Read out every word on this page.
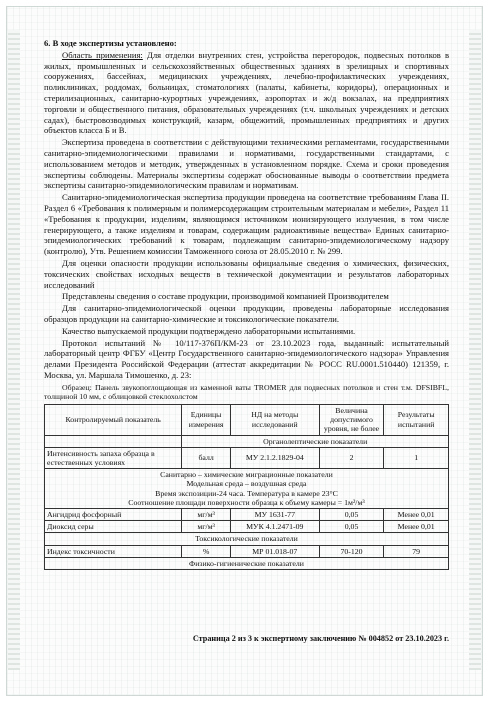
6. В ходе экспертизы установлено:

Область применения: Для отделки внутренних стен, устройства перегородок, подвесных потолков в жилых, промышленных и сельскохозяйственных общественных зданиях в зрелищных и спортивных сооружениях, бассейнах, медицинских учреждениях, лечебно-профилактических учреждениях, поликлиниках, роддомах, больницах, стоматологиях (палаты, кабинеты, коридоры), операционных и стерилизационных, санитарно-курортных учреждениях, аэропортах и ж/д вокзалах, на предприятиях торговли и общественного питания, образовательных учреждениях (т.ч. школьных учреждениях и детских садах), быстровозводимых конструкций, казарм, общежитий, промышленных предприятиях и других объектов класса Б и В.

Экспертиза проведена в соответствии с действующими техническими регламентами, государственными санитарно-эпидемиологическими правилами и нормативами, государственными стандартами, с использованием методов и методик, утвержденных в установленном порядке. Схема и сроки проведения экспертизы соблюдены. Материалы экспертизы содержат обоснованные выводы о соответствии предмета экспертизы санитарно-эпидемиологическим правилам и нормативам.

Санитарно-эпидемиологическая экспертиза продукции проведена на соответствие требованиям Глава II. Раздел 6 «Требования к полимерным и полимерсодержащим строительным материалам и мебели», Раздел 11 «Требования к продукции, изделиям, являющимся источником ионизирующего излучения, в том числе генерирующего, а также изделиям и товарам, содержащим радиоактивные вещества» Единых санитарно-эпидемиологических требований к товарам, подлежащим санитарно-эпидемиологическому надзору (контролю), Утв. Решением комиссии Таможенного союза от 28.05.2010 г. № 299.

Для оценки опасности продукции использованы официальные сведения о химических, физических, токсических свойствах исходных веществ в технической документации и результатов лабораторных исследований

Представлены сведения о составе продукции, производимой компанией Производителем

Для санитарно-эпидемиологической оценки продукции, проведены лабораторные исследования образцов продукции на санитарно-химические и токсикологические показатели.

Качество выпускаемой продукции подтверждено лабораторными испытаниями.

Протокол испытаний № 10/117-376П/КМ-23 от 23.10.2023 года, выданный: испытательный лабораторный центр ФГБУ «Центр Государственного санитарно-эпидемиологического надзора» Управления делами Президента Российской Федерации (аттестат аккредитации № РОСС RU.0001.510440) 121359, г. Москва, ул. Маршала Тимошенко, д. 23:

Образец: Панель звукопоглощающая из каменной ваты TROMER для подвесных потолков и стен т.м. DFSIBFL, толщиной 10 мм, с облицовкой стеклохолстом
Контролируемый показатель	Единицы измерения	НД на методы исследований	Величина допустимого уровня, не более	Результаты испытаний
	Органолептические показатели			
Интенсивность запаха образца в естественных условиях	балл	МУ 2.1.2.1829-04	2	1

Санитарно – химические миграционные показатели
Модельная среда – воздушная среда
Время экспозиции-24 часа. Температура в камере 23°С
Соотношение площади поверхности образца к объему камеры = 1м²/м³				

Ангидрид фосфорный	мг/м³	МУ 1631-77	0,05	Менее 0,01
Диоксид серы	мг/м³	МУК 4.1.2471-09	0,05	Менее 0,01
Токсикологические показатели				
Индекс токсичности	%	МР 01.018-07	70-120	79
Физико-гигиенические показатели				
Страница 2 из 3 к экспертному заключению № 004852 от 23.10.2023 г.
